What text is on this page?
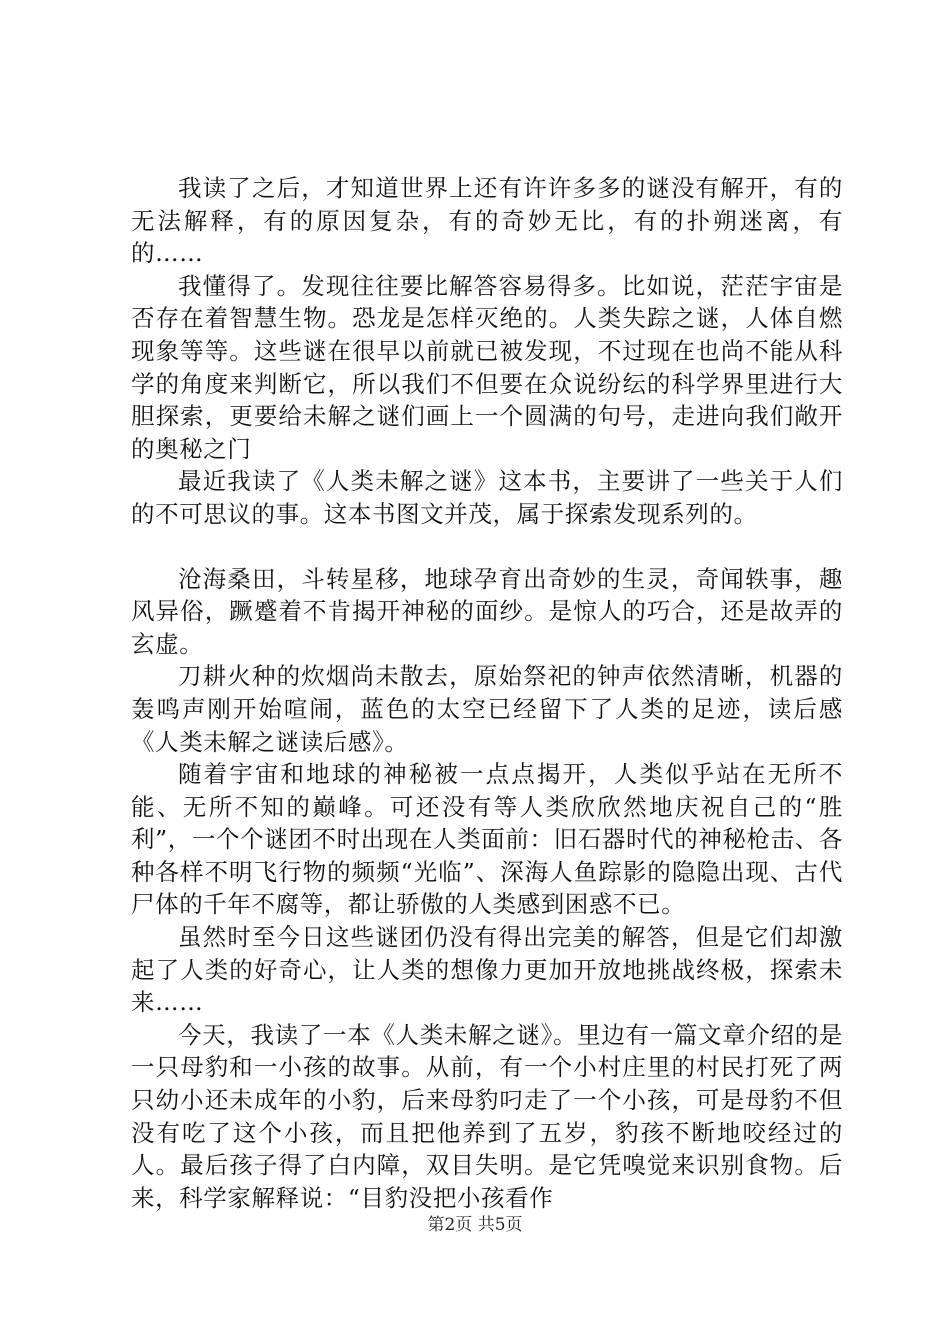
我读了之后，才知道世界上还有许许多多的谜没有解开，有的无法解释，有的原因复杂，有的奇妙无比，有的扑朔迷离，有的……

我懂得了。发现往往要比解答容易得多。比如说，茫茫宇宙是否存在着智慧生物。恐龙是怎样灭绝的。人类失踪之谜，人体自燃现象等等。这些谜在很早以前就已被发现，不过现在也尚不能从科学的角度来判断它，所以我们不但要在众说纷纭的科学界里进行大胆探索，更要给未解之谜们画上一个圆满的句号，走进向我们敞开的奥秘之门

最近我读了《人类未解之谜》这本书，主要讲了一些关于人们的不可思议的事。这本书图文并茂，属于探索发现系列的。

沧海桑田，斗转星移，地球孕育出奇妙的生灵，奇闻轶事，趣风异俗，蹶蹙着不肯揭开神秘的面纱。是惊人的巧合，还是故弄的玄虚。

刀耕火种的炊烟尚未散去，原始祭祀的钟声依然清晰，机器的轰鸣声刚开始喧闹，蓝色的太空已经留下了人类的足迹，读后感《人类未解之谜读后感》。

随着宇宙和地球的神秘被一点点揭开，人类似乎站在无所不能、无所不知的巅峰。可还没有等人类欣欣然地庆祝自己的“胜利”，一个个谜团不时出现在人类面前：旧石器时代的神秘枪击、各种各样不明飞行物的频频“光临”、深海人鱼踪影的隐隐出现、古代尸体的千年不腐等，都让骄傲的人类感到困惑不已。

虽然时至今日这些谜团仍没有得出完美的解答，但是它们却激起了人类的好奇心，让人类的想像力更加开放地挑战终极，探索未来……

今天，我读了一本《人类未解之谜》。里边有一篇文章介绍的是一只母豹和一小孩的故事。从前，有一个小村庄里的村民打死了两只幼小还未成年的小豹，后来母豹叼走了一个小孩，可是母豹不但没有吃了这个小孩，而且把他养到了五岁，豹孩不断地咬经过的人。最后孩子得了白内障，双目失明。是它凭嗅觉来识别食物。后来，科学家解释说：“目豹没把小孩看作

第2页 共5页
